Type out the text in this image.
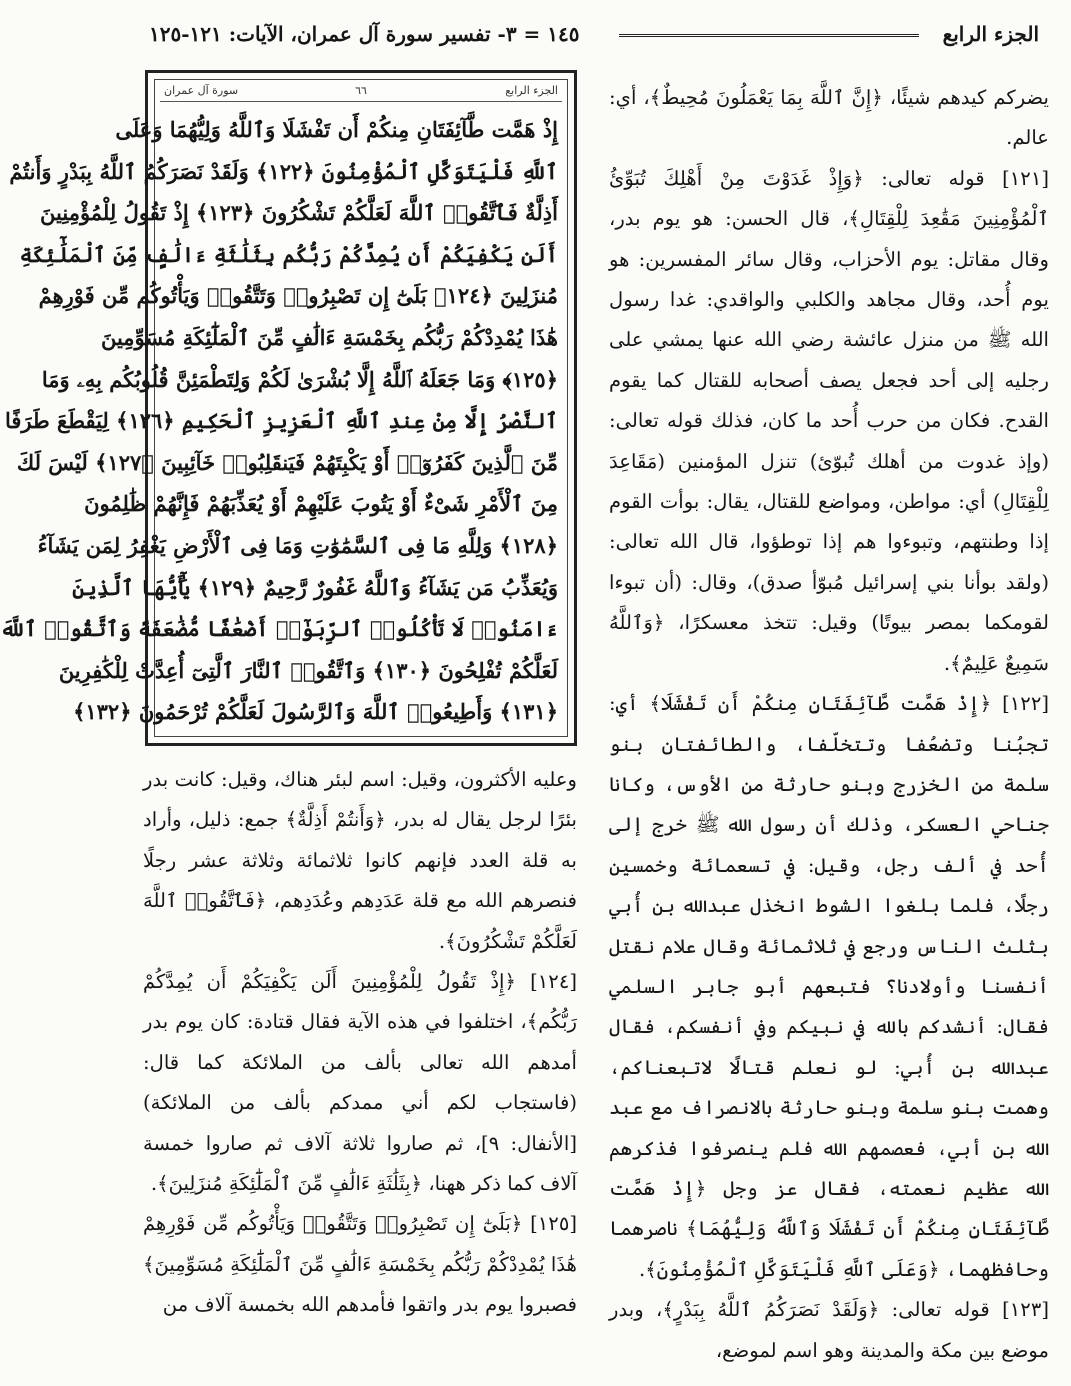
الجزء الرابع
١٤٥ = ٣- تفسير سورة آل عمران، الآيات: ١٢١-١٢٥
سورة آل عمران	٦٦	الجزء الرابع
إِذْ هَمَّت طَّآئِفَتَانِ مِنكُمْ أَن تَفْشَلَا وَٱللَّهُ وَلِيُّهُمَا وَعَلَى
ٱللَّهِ فَلْيَتَوَكَّلِ ٱلْمُؤْمِنُونَ ﴿١٢٢﴾ وَلَقَدْ نَصَرَكُمُ ٱللَّهُ بِبَدْرٍ وَأَنتُمْ
أَذِلَّةٌ فَٱتَّقُوا۟ ٱللَّهَ لَعَلَّكُمْ تَشْكُرُونَ ﴿١٢٣﴾ إِذْ تَقُولُ لِلْمُؤْمِنِينَ
أَلَن يَكْفِيَكُمْ أَن يُمِدَّكُمْ رَبُّكُم بِثَلَٰثَةِ ءَالَٰفٍ مِّنَ ٱلْمَلَٰٓئِكَةِ
مُنزَلِينَ ﴿١٢٤﴾ بَلَىٰٓ إِن تَصْبِرُوا۟ وَتَتَّقُوا۟ وَيَأْتُوكُم مِّن فَوْرِهِمْ
هَٰذَا يُمْدِدْكُمْ رَبُّكُم بِخَمْسَةِ ءَالَٰفٍ مِّنَ ٱلْمَلَٰٓئِكَةِ مُسَوِّمِينَ
﴿١٢٥﴾ وَمَا جَعَلَهُ ٱللَّهُ إِلَّا بُشْرَىٰ لَكُمْ وَلِتَطْمَئِنَّ قُلُوبُكُم بِهِۦ وَمَا
ٱلنَّصْرُ إِلَّا مِنْ عِندِ ٱللَّهِ ٱلْعَزِيزِ ٱلْحَكِيمِ ﴿١٢٦﴾ لِيَقْطَعَ طَرَفًا
مِّنَ ٱلَّذِينَ كَفَرُوٓا۟ أَوْ يَكْبِتَهُمْ فَيَنقَلِبُوا۟ خَآئِبِينَ ﴿١٢٧﴾ لَيْسَ لَكَ
مِنَ ٱلْأَمْرِ شَىْءٌ أَوْ يَتُوبَ عَلَيْهِمْ أَوْ يُعَذِّبَهُمْ فَإِنَّهُمْ ظَٰلِمُونَ
﴿١٢٨﴾ وَلِلَّهِ مَا فِى ٱلسَّمَٰوَٰتِ وَمَا فِى ٱلْأَرْضِ يَغْفِرُ لِمَن يَشَآءُ
وَيُعَذِّبُ مَن يَشَآءُ وَٱللَّهُ غَفُورٌ رَّحِيمٌ ﴿١٢٩﴾ يَٰٓأَيُّهَا ٱلَّذِينَ
ءَامَنُوا۟ لَا تَأْكُلُوا۟ ٱلرِّبَوٰٓا۟ أَضْعَٰفًا مُّضَٰعَفَةً وَٱتَّقُوا۟ ٱللَّهَ
لَعَلَّكُمْ تُفْلِحُونَ ﴿١٣٠﴾ وَٱتَّقُوا۟ ٱلنَّارَ ٱلَّتِىٓ أُعِدَّتْ لِلْكَٰفِرِينَ
﴿١٣١﴾ وَأَطِيعُوا۟ ٱللَّهَ وَٱلرَّسُولَ لَعَلَّكُمْ تُرْحَمُونَ ﴿١٣٢﴾

يضركم كيدهم شيئًا، ﴿إِنَّ ٱللَّهَ بِمَا يَعْمَلُونَ مُحِيطٌ﴾، أي: عالم.

[١٢١] قوله تعالى: ﴿وَإِذْ غَدَوْتَ مِنْ أَهْلِكَ تُبَوِّئُ ٱلْمُؤْمِنِينَ مَقَٰعِدَ لِلْقِتَالِ﴾، قال الحسن: هو يوم بدر، وقال مقاتل: يوم الأحزاب، وقال سائر المفسرين: هو يوم أُحد، وقال مجاهد والكلبي والواقدي: غدا رسول الله ﷺ من منزل عائشة رضي الله عنها يمشي على رجليه إلى أحد فجعل يصف أصحابه للقتال كما يقوم القدح. فكان من حرب أُحد ما كان، فذلك قوله تعالى: (وإذ غدوت من أهلك تُبوّئ) تنزل المؤمنين (مَقَاعِدَ لِلْقِتَالِ) أي: مواطن، ومواضع للقتال، يقال: بوأت القوم إذا وطنتهم، وتبوءوا هم إذا توطؤوا، قال الله تعالى: (ولقد بوأنا بني إسرائيل مُبوّأ صدق)، وقال: (أن تبوءا لقومكما بمصر بيوتًا) وقيل: تتخذ معسكرًا، ﴿وَٱللَّهُ سَمِيعٌ عَلِيمٌ﴾.

[١٢٢] ﴿إِذْ هَمَّت طَّآئِفَتَانِ مِنكُمْ أَن تَفْشَلَا﴾ أي: تجبُنا وتضعُفا وتتخلّفا، والطائفتان بنو سلمة من الخزرج وبنو حارثة من الأوس، وكانا جناحي العسكر، وذلك أن رسول الله ﷺ خرج إلى أُحد في ألف رجل، وقيل: في تسعمائة وخمسين رجلًا، فلما بلغوا الشوط انخذل عبدالله بن أُبي بثلث الناس ورجع في ثلاثمائة وقال علام نقتل أنفسنا وأولادنا؟ فتبعهم أبو جابر السلمي فقال: أنشدكم بالله في نبيكم وفي أنفسكم، فقال عبدالله بن أُبي: لو نعلم قتالًا لاتبعناكم، وهمت بنو سلمة وبنو حارثة بالانصراف مع عبد الله بن أبي، فعصمهم الله فلم ينصرفوا فذكرهم الله عظيم نعمته، فقال عز وجل ﴿إِذْ هَمَّت طَّآئِفَتَانِ مِنكُمْ أَن تَفْشَلَا وَٱللَّهُ وَلِيُّهُمَا﴾ ناصرهما وحافظهما، ﴿وَعَلَى ٱللَّهِ فَلْيَتَوَكَّلِ ٱلْمُؤْمِنُونَ﴾.

[١٢٣] قوله تعالى: ﴿وَلَقَدْ نَصَرَكُمُ ٱللَّهُ بِبَدْرٍ﴾، وبدر موضع بين مكة والمدينة وهو اسم لموضع،

وعليه الأكثرون، وقيل: اسم لبئر هناك، وقيل: كانت بدر بئرًا لرجل يقال له بدر، ﴿وَأَنتُمْ أَذِلَّةٌ﴾ جمع: ذليل، وأراد به قلة العدد فإنهم كانوا ثلاثمائة وثلاثة عشر رجلًا فنصرهم الله مع قلة عَدَدِهم وعُدَدِهم، ﴿فَٱتَّقُوا۟ ٱللَّهَ لَعَلَّكُمْ تَشْكُرُونَ﴾.

[١٢٤] ﴿إِذْ تَقُولُ لِلْمُؤْمِنِينَ أَلَن يَكْفِيَكُمْ أَن يُمِدَّكُمْ رَبُّكُم﴾، اختلفوا في هذه الآية فقال قتادة: كان يوم بدر أمدهم الله تعالى بألف من الملائكة كما قال: (فاستجاب لكم أني ممدكم بألف من الملائكة) [الأنفال: ٩]، ثم صاروا ثلاثة آلاف ثم صاروا خمسة آلاف كما ذكر ههنا، ﴿بِثَلَٰثَةِ ءَالَٰفٍ مِّنَ ٱلْمَلَٰٓئِكَةِ مُنزَلِينَ﴾.

[١٢٥] ﴿بَلَىٰٓ إِن تَصْبِرُوا۟ وَتَتَّقُوا۟ وَيَأْتُوكُم مِّن فَوْرِهِمْ هَٰذَا يُمْدِدْكُمْ رَبُّكُم بِخَمْسَةِ ءَالَٰفٍ مِّنَ ٱلْمَلَٰٓئِكَةِ مُسَوِّمِينَ﴾ فصبروا يوم بدر واتقوا فأمدهم الله بخمسة آلاف من
